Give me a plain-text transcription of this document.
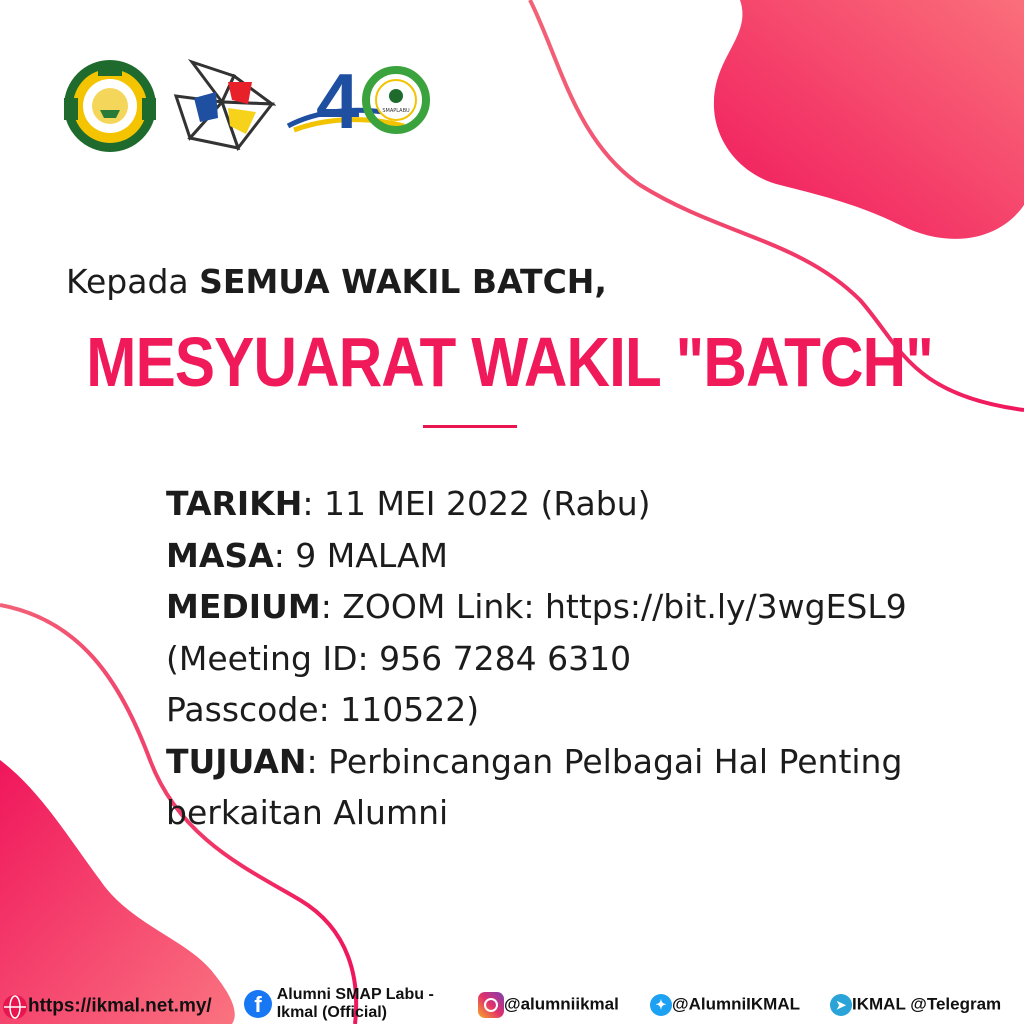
4	SMAPLABU
Kepada SEMUA WAKIL BATCH,
MESYUARAT WAKIL "BATCH"
TARIKH: 11 MEI 2022 (Rabu)
MASA: 9 MALAM
MEDIUM: ZOOM Link: https://bit.ly/3wgESL9
(Meeting ID: 956 7284 6310
Passcode: 110522)
TUJUAN: Perbincangan Pelbagai Hal Penting
berkaitan Alumni
https://ikmal.net.my/	f Alumni SMAP Labu -
Ikmal (Official)	@alumniikmal	✦ @AlumniIKMAL	➤ IKMAL @Telegram
